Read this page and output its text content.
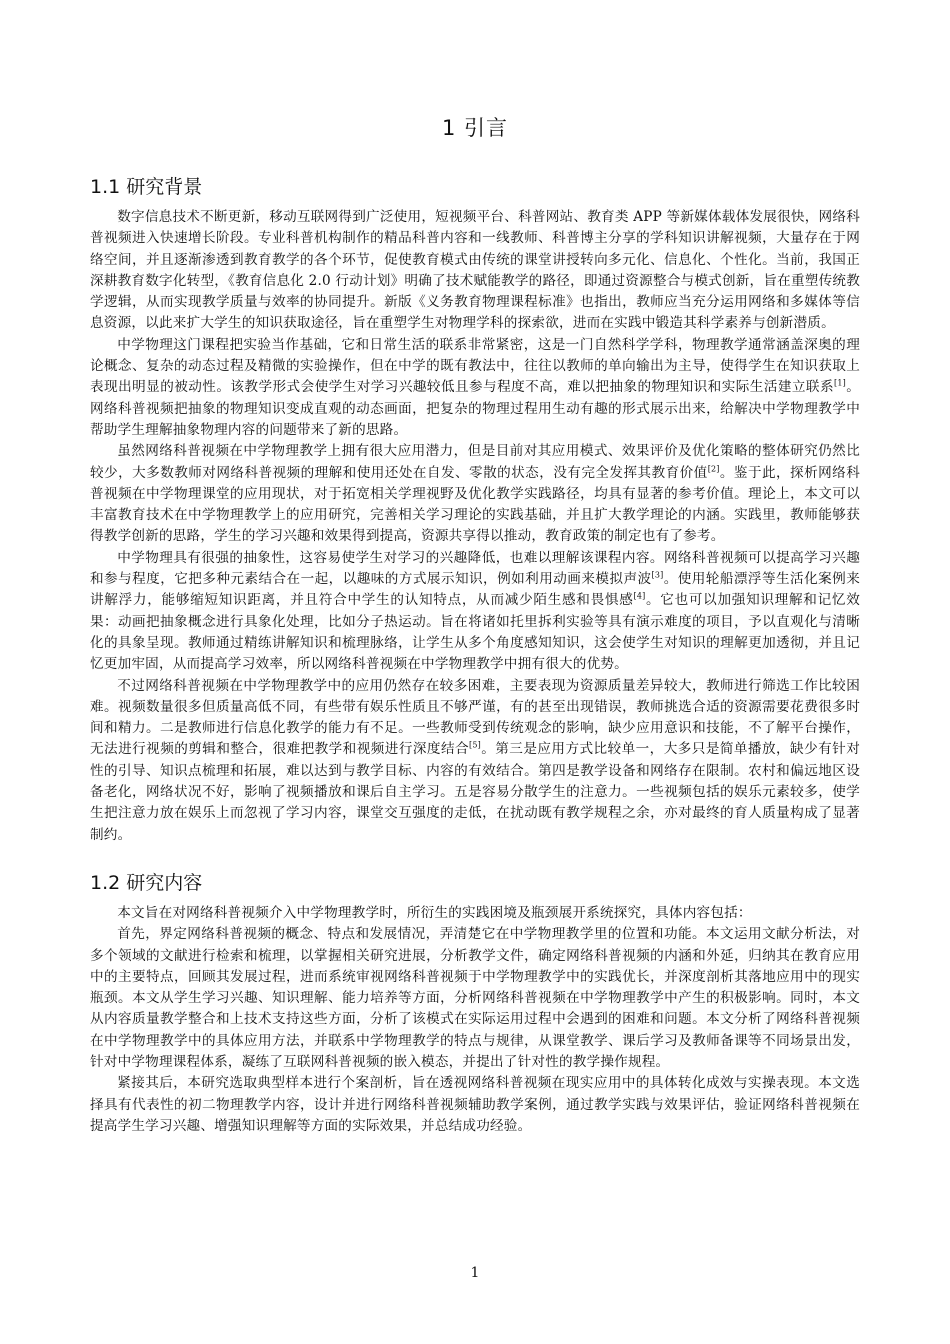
1 引言
1.1 研究背景

数字信息技术不断更新，移动互联网得到广泛使用，短视频平台、科普网站、教育类 APP 等新媒体载体发展很快，网络科普视频进入快速增长阶段。专业科普机构制作的精品科普内容和一线教师、科普博主分享的学科知识讲解视频，大量存在于网络空间，并且逐渐渗透到教育教学的各个环节，促使教育模式由传统的课堂讲授转向多元化、信息化、个性化。当前，我国正深耕教育数字化转型，《教育信息化 2.0 行动计划》明确了技术赋能教学的路径，即通过资源整合与模式创新，旨在重塑传统教学逻辑，从而实现教学质量与效率的协同提升。新版《义务教育物理课程标准》也指出，教师应当充分运用网络和多媒体等信息资源，以此来扩大学生的知识获取途径，旨在重塑学生对物理学科的探索欲，进而在实践中锻造其科学素养与创新潜质。

中学物理这门课程把实验当作基础，它和日常生活的联系非常紧密，这是一门自然科学学科，物理教学通常涵盖深奥的理论概念、复杂的动态过程及精微的实验操作，但在中学的既有教法中，往往以教师的单向输出为主导，使得学生在知识获取上表现出明显的被动性。该教学形式会使学生对学习兴趣较低且参与程度不高，难以把抽象的物理知识和实际生活建立联系[1]。网络科普视频把抽象的物理知识变成直观的动态画面，把复杂的物理过程用生动有趣的形式展示出来，给解决中学物理教学中帮助学生理解抽象物理内容的问题带来了新的思路。

虽然网络科普视频在中学物理教学上拥有很大应用潜力，但是目前对其应用模式、效果评价及优化策略的整体研究仍然比较少，大多数教师对网络科普视频的理解和使用还处在自发、零散的状态，没有完全发挥其教育价值[2]。鉴于此，探析网络科普视频在中学物理课堂的应用现状，对于拓宽相关学理视野及优化教学实践路径，均具有显著的参考价值。理论上，本文可以丰富教育技术在中学物理教学上的应用研究，完善相关学习理论的实践基础，并且扩大教学理论的内涵。实践里，教师能够获得教学创新的思路，学生的学习兴趣和效果得到提高，资源共享得以推动，教育政策的制定也有了参考。

中学物理具有很强的抽象性，这容易使学生对学习的兴趣降低，也难以理解该课程内容。网络科普视频可以提高学习兴趣和参与程度，它把多种元素结合在一起，以趣味的方式展示知识，例如利用动画来模拟声波[3]。使用轮船漂浮等生活化案例来讲解浮力，能够缩短知识距离，并且符合中学生的认知特点，从而减少陌生感和畏惧感[4]。它也可以加强知识理解和记忆效果：动画把抽象概念进行具象化处理，比如分子热运动。旨在将诸如托里拆利实验等具有演示难度的项目，予以直观化与清晰化的具象呈现。教师通过精练讲解知识和梳理脉络，让学生从多个角度感知知识，这会使学生对知识的理解更加透彻，并且记忆更加牢固，从而提高学习效率，所以网络科普视频在中学物理教学中拥有很大的优势。

不过网络科普视频在中学物理教学中的应用仍然存在较多困难，主要表现为资源质量差异较大，教师进行筛选工作比较困难。视频数量很多但质量高低不同，有些带有娱乐性质且不够严谨，有的甚至出现错误，教师挑选合适的资源需要花费很多时间和精力。二是教师进行信息化教学的能力有不足。一些教师受到传统观念的影响，缺少应用意识和技能，不了解平台操作，无法进行视频的剪辑和整合，很难把教学和视频进行深度结合[5]。第三是应用方式比较单一，大多只是简单播放，缺少有针对性的引导、知识点梳理和拓展，难以达到与教学目标、内容的有效结合。第四是教学设备和网络存在限制。农村和偏远地区设备老化，网络状况不好，影响了视频播放和课后自主学习。五是容易分散学生的注意力。一些视频包括的娱乐元素较多，使学生把注意力放在娱乐上而忽视了学习内容，课堂交互强度的走低，在扰动既有教学规程之余，亦对最终的育人质量构成了显著制约。

1.2 研究内容

本文旨在对网络科普视频介入中学物理教学时，所衍生的实践困境及瓶颈展开系统探究，具体内容包括：

首先，界定网络科普视频的概念、特点和发展情况，弄清楚它在中学物理教学里的位置和功能。本文运用文献分析法，对多个领域的文献进行检索和梳理，以掌握相关研究进展，分析教学文件，确定网络科普视频的内涵和外延，归纳其在教育应用中的主要特点，回顾其发展过程，进而系统审视网络科普视频于中学物理教学中的实践优长，并深度剖析其落地应用中的现实瓶颈。本文从学生学习兴趣、知识理解、能力培养等方面，分析网络科普视频在中学物理教学中产生的积极影响。同时，本文从内容质量教学整合和上技术支持这些方面，分析了该模式在实际运用过程中会遇到的困难和问题。本文分析了网络科普视频在中学物理教学中的具体应用方法，并联系中学物理教学的特点与规律，从课堂教学、课后学习及教师备课等不同场景出发，针对中学物理课程体系，凝练了互联网科普视频的嵌入模态，并提出了针对性的教学操作规程。

紧接其后，本研究选取典型样本进行个案剖析，旨在透视网络科普视频在现实应用中的具体转化成效与实操表现。本文选择具有代表性的初二物理教学内容，设计并进行网络科普视频辅助教学案例，通过教学实践与效果评估，验证网络科普视频在提高学生学习兴趣、增强知识理解等方面的实际效果，并总结成功经验。

1
